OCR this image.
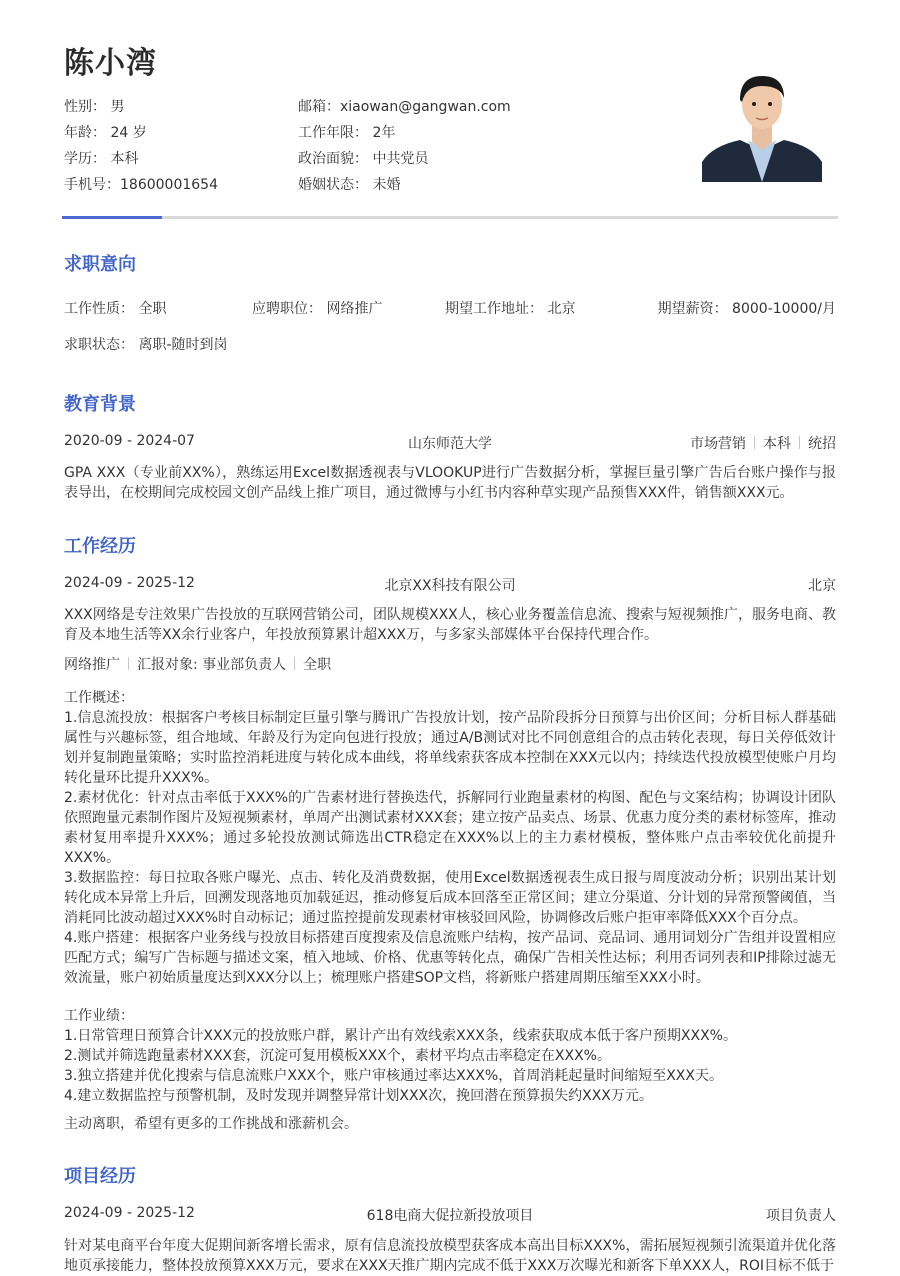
陈小湾
性别： 男	邮箱：xiaowan@gangwan.com
年龄： 24 岁	工作年限： 2年
学历： 本科	政治面貌： 中共党员
手机号：18600001654	婚姻状态： 未婚
求职意向
工作性质： 全职	应聘职位： 网络推广	期望工作地址： 北京	期望薪资： 8000-10000/月
求职状态： 离职-随时到岗
教育背景
2020-09 - 2024-07	山东师范大学	市场营销 本科 统招
GPA XXX（专业前XX%），熟练运用Excel数据透视表与VLOOKUP进行广告数据分析，掌握巨量引擎广告后台账户操作与报表导出，在校期间完成校园文创产品线上推广项目，通过微博与小红书内容种草实现产品预售XXX件，销售额XXX元。
工作经历
2024-09 - 2025-12	北京XX科技有限公司	北京
XXX网络是专注效果广告投放的互联网营销公司，团队规模XXX人，核心业务覆盖信息流、搜索与短视频推广，服务电商、教育及本地生活等XX余行业客户，年投放预算累计超XXX万，与多家头部媒体平台保持代理合作。
网络推广 汇报对象: 事业部负责人 全职
工作概述：
1.信息流投放：根据客户考核目标制定巨量引擎与腾讯广告投放计划，按产品阶段拆分日预算与出价区间；分析目标人群基础属性与兴趣标签，组合地域、年龄及行为定向包进行投放；通过A/B测试对比不同创意组合的点击转化表现，每日关停低效计划并复制跑量策略；实时监控消耗进度与转化成本曲线，将单线索获客成本控制在XXX元以内；持续迭代投放模型使账户月均转化量环比提升XXX%。
2.素材优化：针对点击率低于XXX%的广告素材进行替换迭代，拆解同行业跑量素材的构图、配色与文案结构；协调设计团队依照跑量元素制作图片及短视频素材，单周产出测试素材XXX套；建立按产品卖点、场景、优惠力度分类的素材标签库，推动素材复用率提升XXX%；通过多轮投放测试筛选出CTR稳定在XXX%以上的主力素材模板，整体账户点击率较优化前提升XXX%。
3.数据监控：每日拉取各账户曝光、点击、转化及消费数据，使用Excel数据透视表生成日报与周度波动分析；识别出某计划转化成本异常上升后，回溯发现落地页加载延迟，推动修复后成本回落至正常区间；建立分渠道、分计划的异常预警阈值，当消耗同比波动超过XXX%时自动标记；通过监控提前发现素材审核驳回风险，协调修改后账户拒审率降低XXX个百分点。
4.账户搭建：根据客户业务线与投放目标搭建百度搜索及信息流账户结构，按产品词、竞品词、通用词划分广告组并设置相应匹配方式；编写广告标题与描述文案，植入地域、价格、优惠等转化点，确保广告相关性达标；利用否词列表和IP排除过滤无效流量，账户初始质量度达到XXX分以上；梳理账户搭建SOP文档，将新账户搭建周期压缩至XXX小时。
工作业绩：
1.日常管理日预算合计XXX元的投放账户群，累计产出有效线索XXX条，线索获取成本低于客户预期XXX%。
2.测试并筛选跑量素材XXX套，沉淀可复用模板XXX个，素材平均点击率稳定在XXX%。
3.独立搭建并优化搜索与信息流账户XXX个，账户审核通过率达XXX%，首周消耗起量时间缩短至XXX天。
4.建立数据监控与预警机制，及时发现并调整异常计划XXX次，挽回潜在预算损失约XXX万元。
主动离职，希望有更多的工作挑战和涨薪机会。
项目经历
2024-09 - 2025-12	618电商大促拉新投放项目	项目负责人
针对某电商平台年度大促期间新客增长需求，原有信息流投放模型获客成本高出目标XXX%，需拓展短视频引流渠道并优化落地页承接能力，整体投放预算XXX万元，要求在XXX天推广期内完成不低于XXX万次曝光和新客下单XXX人，ROI目标不低于
